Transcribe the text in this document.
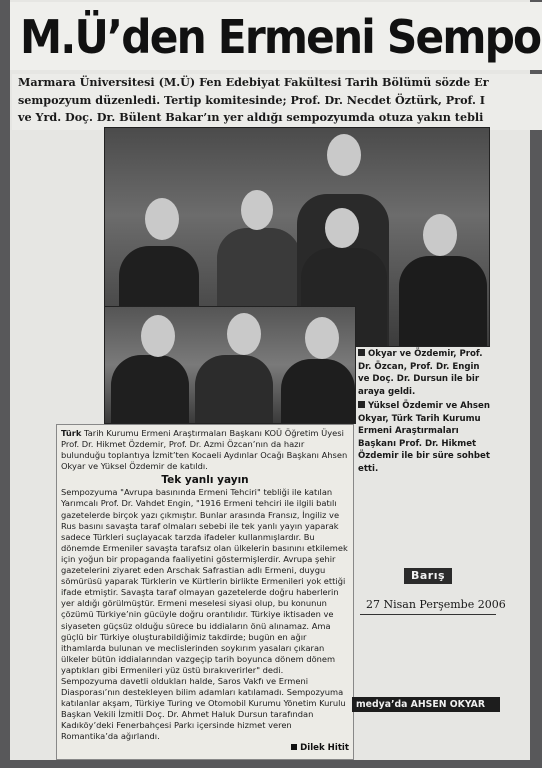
M.Ü’den Ermeni Sempo

Marmara Üniversitesi (M.Ü) Fen Edebiyat Fakültesi Tarih Bölümü sözde Er

sempozyum düzenledi. Tertip komitesinde; Prof. Dr. Necdet Öztürk, Prof. I

ve Yrd. Doç. Dr. Bülent Bakar’ın yer aldığı sempozyumda otuza yakın tebli

Okyar ve Özdemir, Prof. Dr. Özcan, Prof. Dr. Engin ve Doç. Dr. Dursun ile bir araya geldi.
Yüksel Özdemir ve Ahsen Okyar, Türk Tarih Kurumu Ermeni Araştırmaları Başkanı Prof. Dr. Hikmet Özdemir ile bir süre sohbet etti.

Türk Tarih Kurumu Ermeni Araştırmaları Başkanı KOÜ Öğretim Üyesi Prof. Dr. Hikmet Özdemir, Prof. Dr. Azmi Özcan’nın da hazır bulunduğu toplantıya İzmit’ten Kocaeli Aydınlar Ocağı Başkanı Ahsen Okyar ve Yüksel Özdemir de katıldı.

Tek yanlı yayın

Sempozyuma "Avrupa basınında Ermeni Tehciri" tebliği ile katılan Yarımcalı Prof. Dr. Vahdet Engin, "1916 Ermeni tehciri ile ilgili batılı gazetelerde birçok yazı çıkmıştır. Bunlar arasında Fransız, İngiliz ve Rus basını savaşta taraf olmaları sebebi ile tek yanlı yayın yaparak sadece Türkleri suçlayacak tarzda ifadeler kullanmışlardır. Bu dönemde Ermeniler savaşta tarafsız olan ülkelerin basınını etkilemek için yoğun bir propaganda faaliyetini göstermişlerdir. Avrupa şehir gazetelerini ziyaret eden Arschak Safrastian adlı Ermeni, duygu sömürüsü yaparak Türklerin ve Kürtlerin birlikte Ermenileri yok ettiği ifade etmiştir. Savaşta taraf olmayan gazetelerde doğru haberlerin yer aldığı görülmüştür. Ermeni meselesi siyasi olup, bu konunun çözümü Türkiye’nin gücüyle doğru orantılıdır. Türkiye iktisaden ve siyaseten güçsüz olduğu sürece bu iddiaların önü alınamaz. Ama güçlü bir Türkiye oluşturabildiğimiz takdirde; bugün en ağır ithamlarda bulunan ve meclislerinden soykırım yasaları çıkaran ülkeler bütün iddialarından vazgeçip tarih boyunca dönem dönem yaptıkları gibi Ermenileri yüz üstü bırakıverirler" dedi.

Sempozyuma davetli oldukları halde, Saros Vakfı ve Ermeni Diasporası’nın destekleyen bilim adamları katılamadı. Sempozyuma katılanlar akşam, Türkiye Turing ve Otomobil Kurumu Yönetim Kurulu Başkan Vekili İzmitli Doç. Dr. Ahmet Haluk Dursun tarafından Kadıköy’deki Fenerbahçesi Parkı içersinde hizmet veren Romantika’da ağırlandı.

Dilek Hitit

Barış
27 Nisan Perşembe 2006
medya’da AHSEN OKYAR
